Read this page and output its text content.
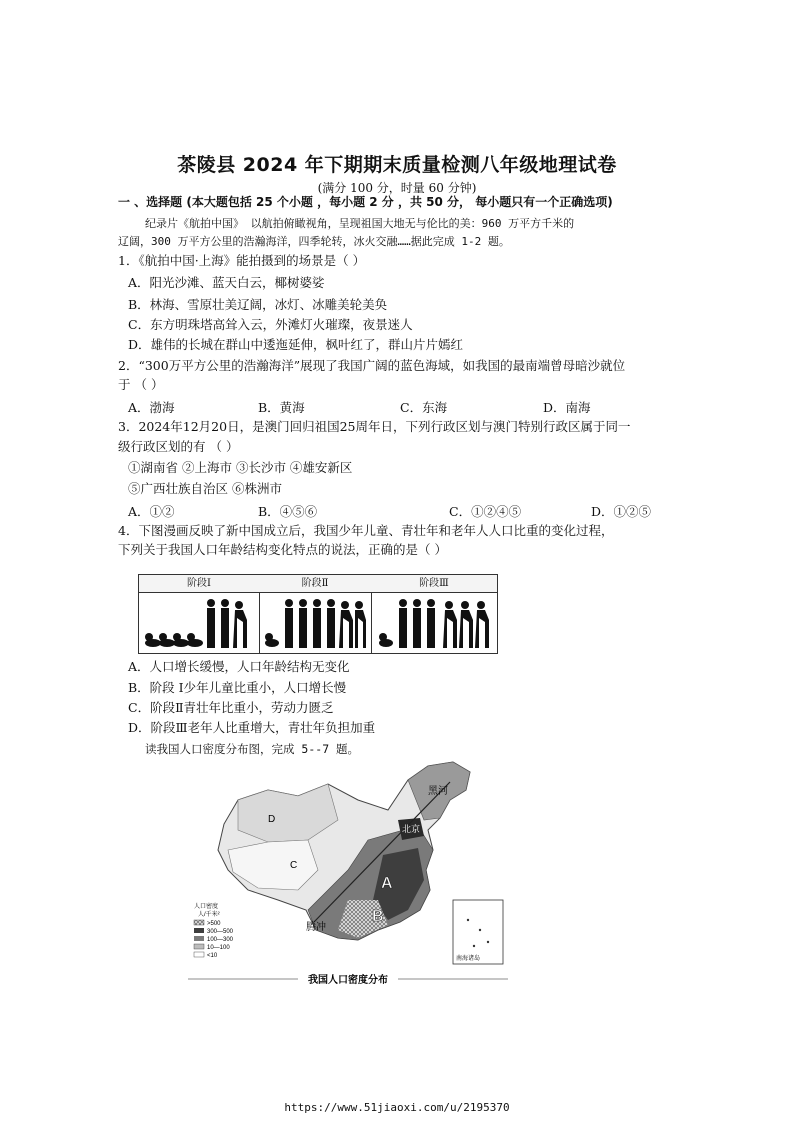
茶陵县 2024 年下期期末质量检测八年级地理试卷
(满分 100 分，时量 60 分钟)
一 、选择题 (本大题包括 25 个小题 ，每小题 2 分 ，共 50 分， 每小题只有一个正确选项)
纪录片《航拍中国》 以航拍俯瞰视角，呈现祖国大地无与伦比的美：960 万平方千米的
辽阔，300 万平方公里的浩瀚海洋，四季轮转，冰火交融……据此完成 1-2 题。
1．《航拍中国·上海》能拍摄到的场景是（ ）
A．阳光沙滩、蓝天白云，椰树婆娑
B．林海、雪原壮美辽阔，冰灯、冰雕美轮美奂
C．东方明珠塔高耸入云，外滩灯火璀璨，夜景迷人
D．雄伟的长城在群山中逶迤延伸，枫叶红了，群山片片嫣红
2．“300万平方公里的浩瀚海洋”展现了我国广阔的蓝色海域，如我国的最南端曾母暗沙就位
于 （ ）
A．渤海	B．黄海	C．东海	D．南海
3．2024年12月20日，是澳门回归祖国25周年日，下列行政区划与澳门特别行政区属于同一
级行政区划的有 （ ）
①湖南省 ②上海市 ③长沙市 ④雄安新区
⑤广西壮族自治区 ⑥株洲市
A．①②	B．④⑤⑥	C．①②④⑤	D．①②⑤
4．下图漫画反映了新中国成立后，我国少年儿童、青壮年和老年人人口比重的变化过程，
下列关于我国人口年龄结构变化特点的说法，正确的是（ ）
阶段Ⅰ	阶段Ⅱ	阶段Ⅲ
A．人口增长缓慢，人口年龄结构无变化
B．阶段 Ⅰ少年儿童比重小，人口增长慢
C．阶段Ⅱ青壮年比重小，劳动力匮乏
D．阶段Ⅲ老年人比重增大，青壮年负担加重
读我国人口密度分布图，完成 5--7 题。
A
B
C
D
黑河
北京
腾冲
南海诸岛
人口密度
人/千米²
>500
300—500
100—300
10—100
<10
我国人口密度分布
https://www.51jiaoxi.com/u/2195370
